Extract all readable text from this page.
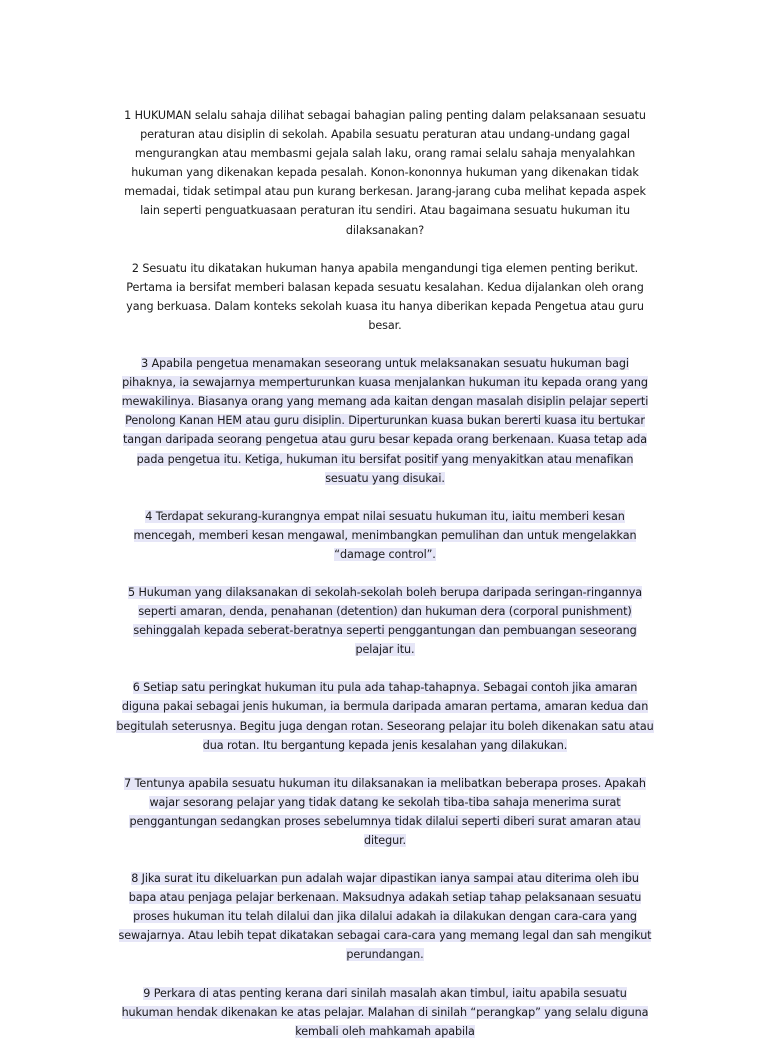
1 HUKUMAN selalu sahaja dilihat sebagai bahagian paling penting dalam pelaksanaan sesuatu peraturan atau disiplin di sekolah. Apabila sesuatu peraturan atau undang-undang gagal mengurangkan atau membasmi gejala salah laku, orang ramai selalu sahaja menyalahkan hukuman yang dikenakan kepada pesalah. Konon-kononnya hukuman yang dikenakan tidak memadai, tidak setimpal atau pun kurang berkesan. Jarang-jarang cuba melihat kepada aspek lain seperti penguatkuasaan peraturan itu sendiri. Atau bagaimana sesuatu hukuman itu dilaksanakan?

2 Sesuatu itu dikatakan hukuman hanya apabila mengandungi tiga elemen penting berikut. Pertama ia bersifat memberi balasan kepada sesuatu kesalahan. Kedua dijalankan oleh orang yang berkuasa. Dalam konteks sekolah kuasa itu hanya diberikan kepada Pengetua atau guru besar.

3 Apabila pengetua menamakan seseorang untuk melaksanakan sesuatu hukuman bagi pihaknya, ia sewajarnya memperturunkan kuasa menjalankan hukuman itu kepada orang yang mewakilinya. Biasanya orang yang memang ada kaitan dengan masalah disiplin pelajar seperti Penolong Kanan HEM atau guru disiplin. Diperturunkan kuasa bukan bererti kuasa itu bertukar tangan daripada seorang pengetua atau guru besar kepada orang berkenaan. Kuasa tetap ada pada pengetua itu. Ketiga, hukuman itu bersifat positif yang menyakitkan atau menafikan sesuatu yang disukai.

4 Terdapat sekurang-kurangnya empat nilai sesuatu hukuman itu, iaitu memberi kesan mencegah, memberi kesan mengawal, menimbangkan pemulihan dan untuk mengelakkan “damage control”.

5 Hukuman yang dilaksanakan di sekolah-sekolah boleh berupa daripada seringan-ringannya seperti amaran, denda, penahanan (detention) dan hukuman dera (corporal punishment) sehinggalah kepada seberat-beratnya seperti penggantungan dan pembuangan seseorang pelajar itu.

6 Setiap satu peringkat hukuman itu pula ada tahap-tahapnya. Sebagai contoh jika amaran diguna pakai sebagai jenis hukuman, ia bermula daripada amaran pertama, amaran kedua dan begitulah seterusnya. Begitu juga dengan rotan. Seseorang pelajar itu boleh dikenakan satu atau dua rotan. Itu bergantung kepada jenis kesalahan yang dilakukan.

7 Tentunya apabila sesuatu hukuman itu dilaksanakan ia melibatkan beberapa proses. Apakah wajar sesorang pelajar yang tidak datang ke sekolah tiba-tiba sahaja menerima surat penggantungan sedangkan proses sebelumnya tidak dilalui seperti diberi surat amaran atau ditegur.

8 Jika surat itu dikeluarkan pun adalah wajar dipastikan ianya sampai atau diterima oleh ibu bapa atau penjaga pelajar berkenaan. Maksudnya adakah setiap tahap pelaksanaan sesuatu proses hukuman itu telah dilalui dan jika dilalui adakah ia dilakukan dengan cara-cara yang sewajarnya. Atau lebih tepat dikatakan sebagai cara-cara yang memang legal dan sah mengikut perundangan.

9 Perkara di atas penting kerana dari sinilah masalah akan timbul, iaitu apabila sesuatu hukuman hendak dikenakan ke atas pelajar. Malahan di sinilah “perangkap” yang selalu diguna kembali oleh mahkamah apabila
